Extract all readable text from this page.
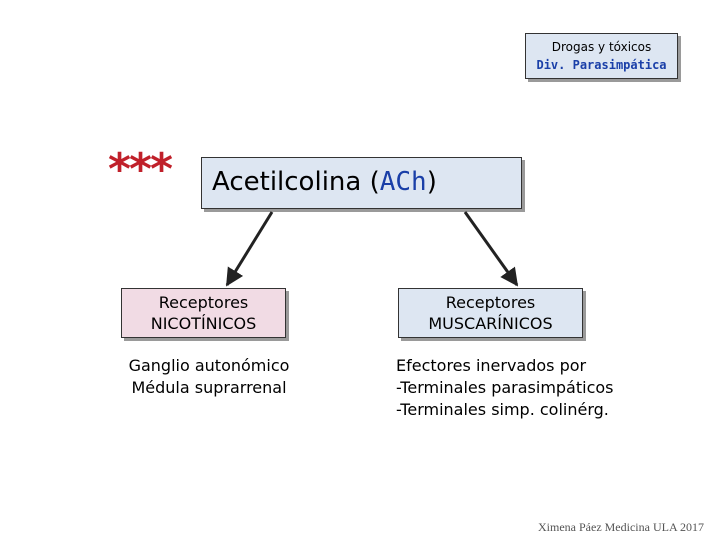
Drogas y tóxicos
Div. Parasimpática
***	Acetilcolina (ACh)
Receptores
NICOTÍNICOS
Receptores
MUSCARÍNICOS
Ganglio autonómico
Médula suprarrenal
Efectores inervados por
-Terminales parasimpáticos
-Terminales simp. colinérg.
Ximena Páez Medicina ULA 2017
